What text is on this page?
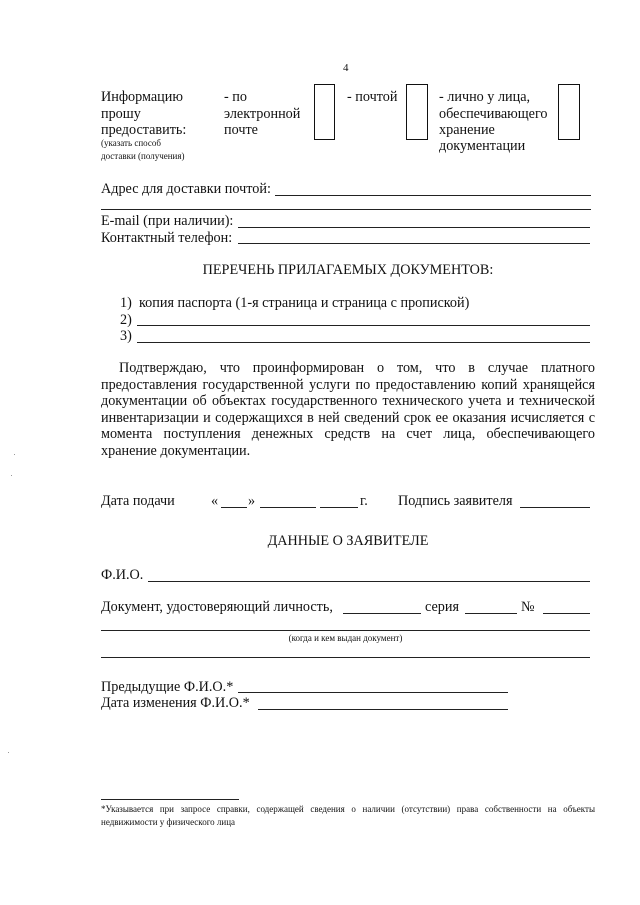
4
Информацию
прошу
предоставить:
(указать способ
доставки (получения)
- по
электронной
почте
- почтой	- лично у лица,
обеспечивающего
хранение
документации
Адрес для доставки почтой:
E-mail (при наличии):
Контактный телефон:
ПЕРЕЧЕНЬ ПРИЛАГАЕМЫХ ДОКУМЕНТОВ:
1) копия паспорта (1-я страница и страница с пропиской)
2)
3)
Подтверждаю, что проинформирован о том, что в случае платного предоставления государственной услуги по предоставлению копий хранящейся документации об объектах государственного технического учета и технической инвентаризации и содержащихся в ней сведений срок ее оказания исчисляется с момента поступления денежных средств на счет лица, обеспечивающего хранение документации.
Дата подачи	« »	г. Подпись заявителя
ДАННЫЕ О ЗАЯВИТЕЛЕ
Ф.И.О.
Документ, удостоверяющий личность,	серия	№
(когда и кем выдан документ)
Предыдущие Ф.И.О.*
Дата изменения Ф.И.О.*
*Указывается при запросе справки, содержащей сведения о наличии (отсутствии) права собственности на объекты недвижимости у физического лица
